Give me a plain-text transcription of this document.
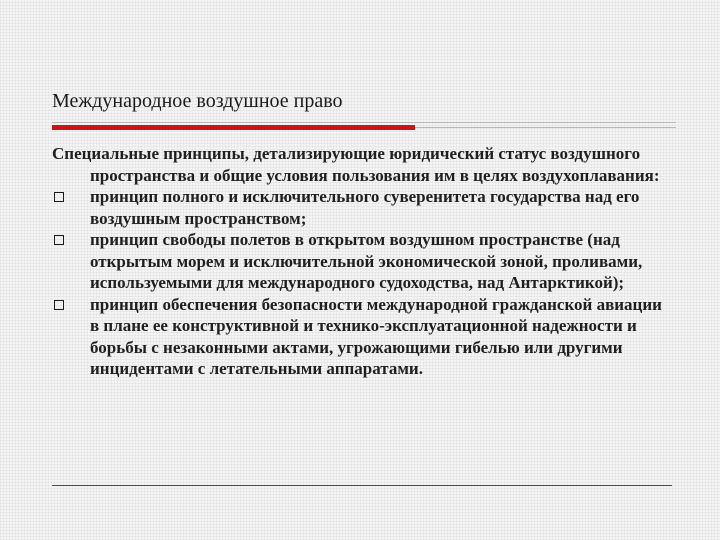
Международное воздушное право

Специальные принципы, детализирующие юридический статус воздушного пространства и общие условия пользования им в целях воздухоплавания:

принцип полного и исключительного суверенитета государства над его воздушным пространством;
принцип свободы полетов в открытом воздушном пространстве (над открытым морем и исключительной экономической зоной, проливами, используемыми для международного судоходства, над Антарктикой);
принцип обеспечения безопасности международной гражданской авиации в плане ее конструктивной и технико-эксплуатационной надежности и борьбы с незаконными актами, угрожающими гибелью или другими инцидентами с летательными аппаратами.
